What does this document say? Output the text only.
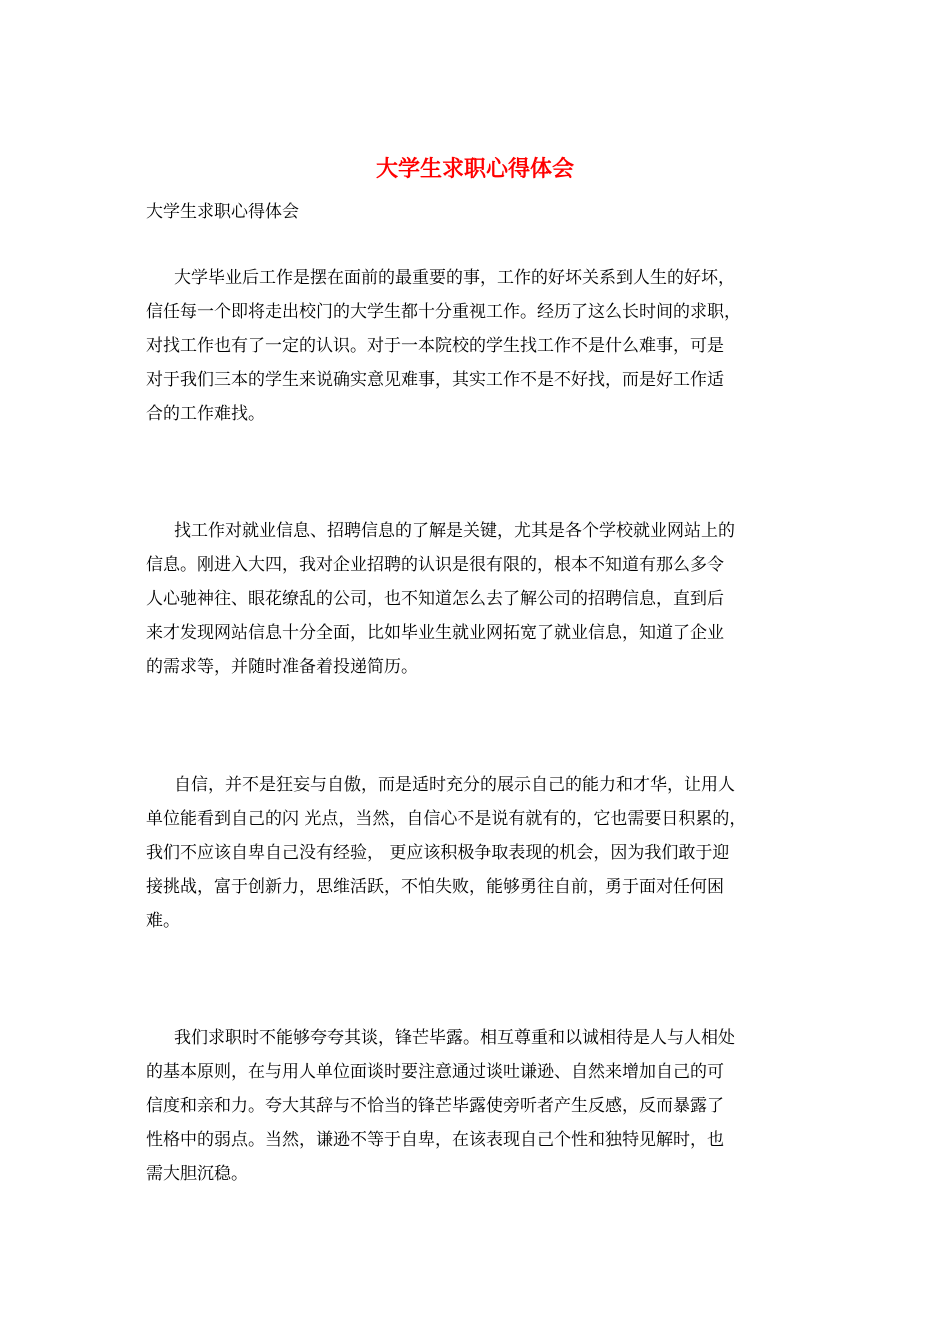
大学生求职心得体会
大学生求职心得体会
大学毕业后工作是摆在面前的最重要的事，工作的好坏关系到人生的好坏，
信任每一个即将走出校门的大学生都十分重视工作。经历了这么长时间的求职，
对找工作也有了一定的认识。对于一本院校的学生找工作不是什么难事，可是
对于我们三本的学生来说确实意见难事，其实工作不是不好找，而是好工作适
合的工作难找。
找工作对就业信息、招聘信息的了解是关键，尤其是各个学校就业网站上的
信息。刚进入大四，我对企业招聘的认识是很有限的，根本不知道有那么多令
人心驰神往、眼花缭乱的公司，也不知道怎么去了解公司的招聘信息，直到后
来才发现网站信息十分全面，比如毕业生就业网拓宽了就业信息，知道了企业
的需求等，并随时准备着投递简历。
自信，并不是狂妄与自傲，而是适时充分的展示自己的能力和才华，让用人
单位能看到自己的闪 光点，当然，自信心不是说有就有的，它也需要日积累的，
我们不应该自卑自己没有经验， 更应该积极争取表现的机会，因为我们敢于迎
接挑战，富于创新力，思维活跃，不怕失败，能够勇往自前，勇于面对任何困
难。
我们求职时不能够夸夸其谈，锋芒毕露。相互尊重和以诚相待是人与人相处
的基本原则，在与用人单位面谈时要注意通过谈吐谦逊、自然来增加自己的可
信度和亲和力。夸大其辞与不恰当的锋芒毕露使旁听者产生反感，反而暴露了
性格中的弱点。当然，谦逊不等于自卑，在该表现自己个性和独特见解时，也
需大胆沉稳。
